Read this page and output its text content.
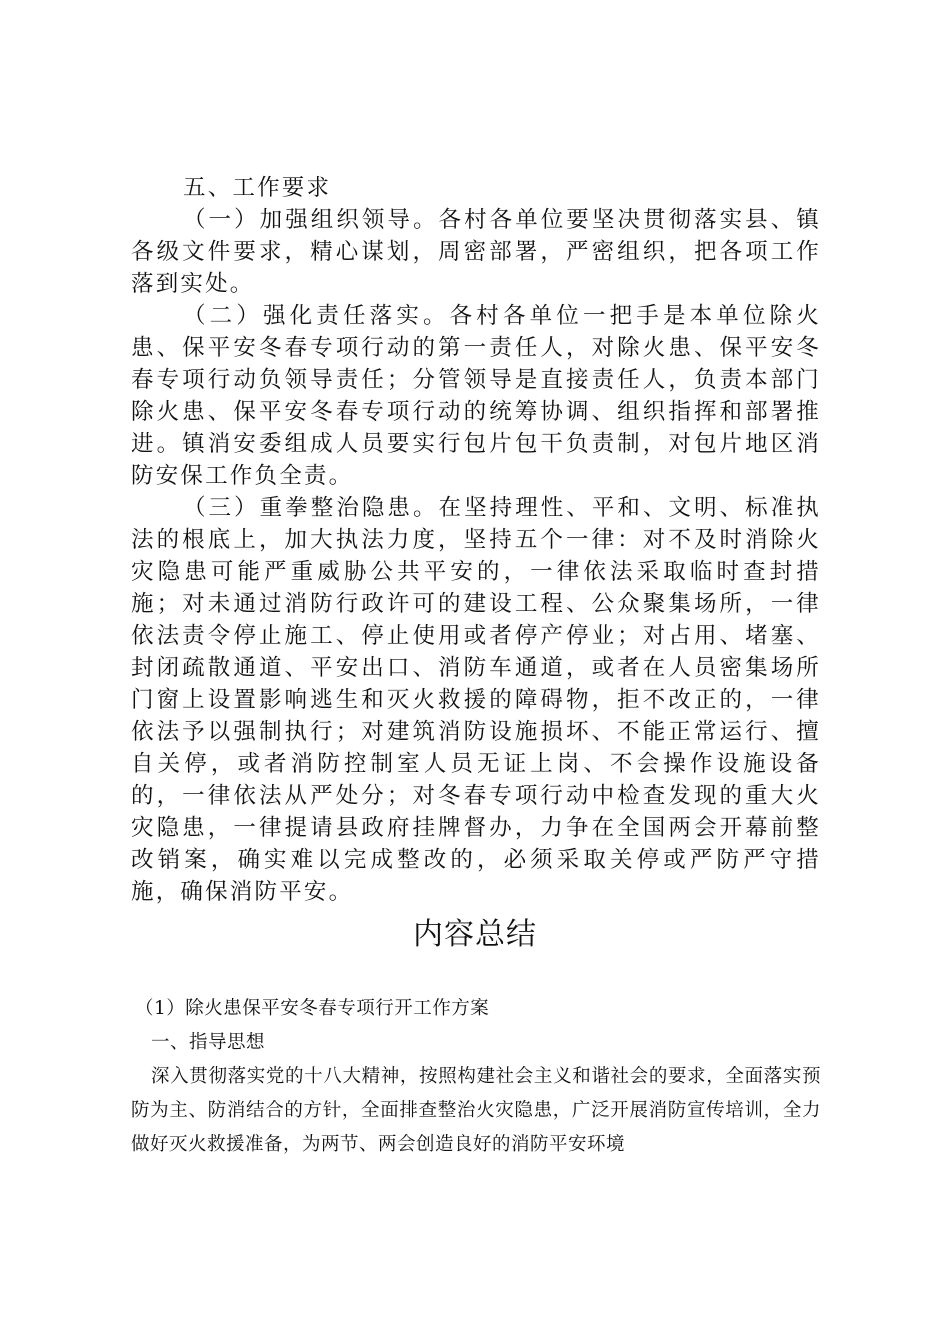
五、工作要求

（一）加强组织领导。各村各单位要坚决贯彻落实县、镇各级文件要求，精心谋划，周密部署，严密组织，把各项工作落到实处。

（二）强化责任落实。各村各单位一把手是本单位除火患、保平安冬春专项行动的第一责任人，对除火患、保平安冬春专项行动负领导责任；分管领导是直接责任人，负责本部门除火患、保平安冬春专项行动的统筹协调、组织指挥和部署推进。镇消安委组成人员要实行包片包干负责制，对包片地区消防安保工作负全责。

（三）重拳整治隐患。在坚持理性、平和、文明、标准执法的根底上，加大执法力度，坚持五个一律：对不及时消除火灾隐患可能严重威胁公共平安的，一律依法采取临时查封措施；对未通过消防行政许可的建设工程、公众聚集场所，一律依法责令停止施工、停止使用或者停产停业；对占用、堵塞、封闭疏散通道、平安出口、消防车通道，或者在人员密集场所门窗上设置影响逃生和灭火救援的障碍物，拒不改正的，一律依法予以强制执行；对建筑消防设施损坏、不能正常运行、擅自关停，或者消防控制室人员无证上岗、不会操作设施设备的，一律依法从严处分；对冬春专项行动中检查发现的重大火灾隐患，一律提请县政府挂牌督办，力争在全国两会开幕前整改销案，确实难以完成整改的，必须采取关停或严防严守措施，确保消防平安。

内容总结

（1）除火患保平安冬春专项行开工作方案

一、指导思想

深入贯彻落实党的十八大精神，按照构建社会主义和谐社会的要求，全面落实预防为主、防消结合的方针，全面排查整治火灾隐患，广泛开展消防宣传培训，全力做好灭火救援准备，为两节、两会创造良好的消防平安环境
